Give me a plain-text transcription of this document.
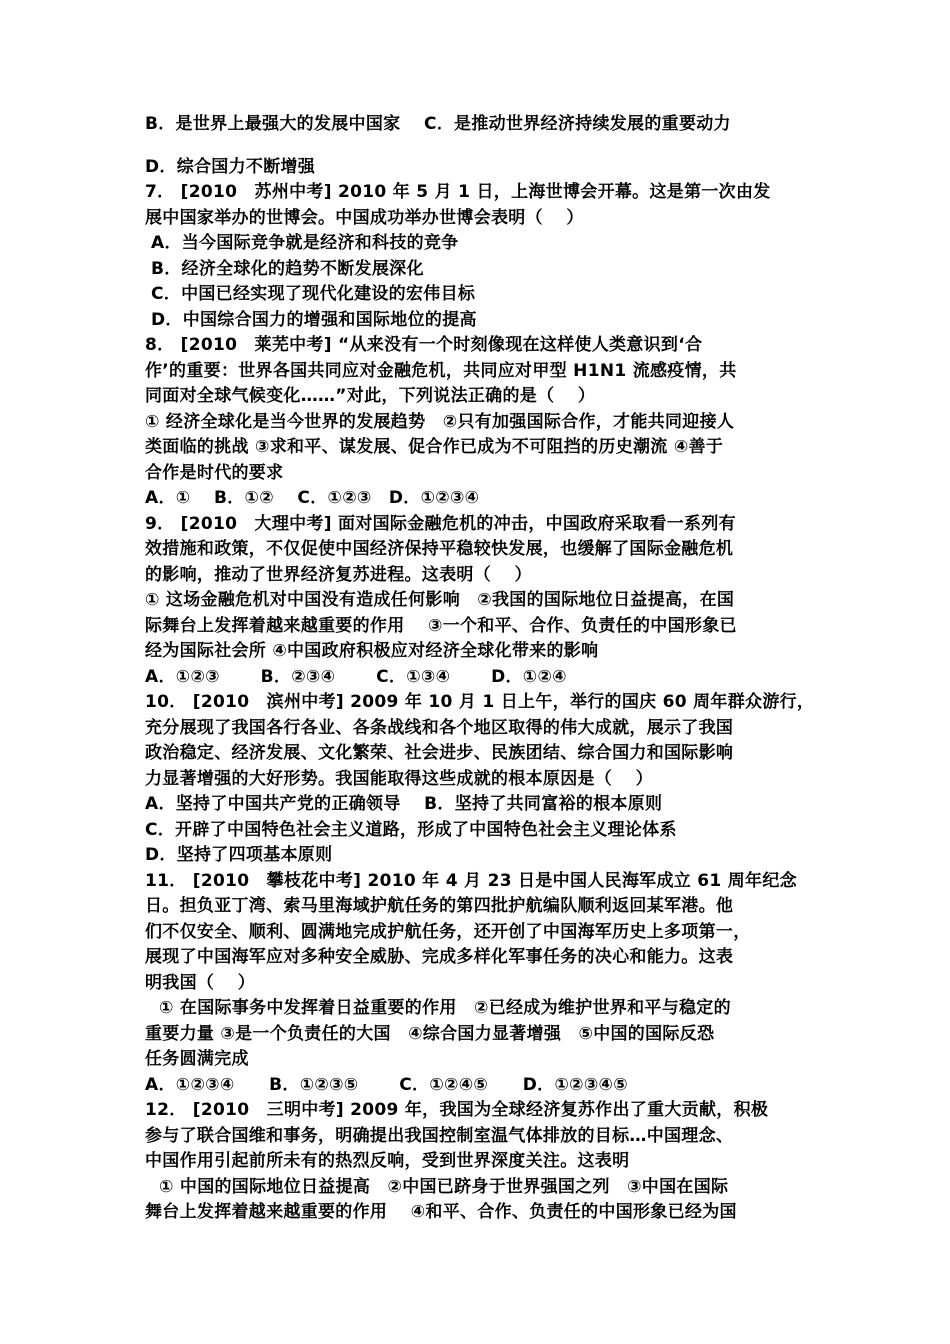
B．是世界上最强大的发展中国家　 C．是推动世界经济持续发展的重要动力
D．综合国力不断增强
7． [2010　苏州中考] 2010 年 5 月 1 日，上海世博会开幕。这是第一次由发
展中国家举办的世博会。中国成功举办世博会表明（　 ）
A．当今国际竞争就是经济和科技的竞争
B．经济全球化的趋势不断发展深化
C．中国已经实现了现代化建设的宏伟目标
D．中国综合国力的增强和国际地位的提高
8． [2010　莱芜中考] “从来没有一个时刻像现在这样使人类意识到‘合
作’的重要：世界各国共同应对金融危机，共同应对甲型 H1N1 流感疫情，共
同面对全球气候变化……”对此，下列说法正确的是（　 ）
① 经济全球化是当今世界的发展趋势　②只有加强国际合作，才能共同迎接人
类面临的挑战 ③求和平、谋发展、促合作已成为不可阻挡的历史潮流 ④善于
合作是时代的要求
A．①　 B．①②　 C．①②③　D．①②③④
9． [2010　大理中考] 面对国际金融危机的冲击，中国政府采取看一系列有
效措施和政策，不仅促使中国经济保持平稳较快发展，也缓解了国际金融危机
的影响，推动了世界经济复苏进程。这表明（　 ）
① 这场金融危机对中国没有造成任何影响　②我国的国际地位日益提高，在国
际舞台上发挥着越来越重要的作用　 ③一个和平、合作、负责任的中国形象已
经为国际社会所 ④中国政府积极应对经济全球化带来的影响
A．①②③　　 B．②③④　　 C．①③④　　 D．①②④
10． [2010　滨州中考] 2009 年 10 月 1 日上午，举行的国庆 60 周年群众游行，
充分展现了我国各行各业、各条战线和各个地区取得的伟大成就，展示了我国
政治稳定、经济发展、文化繁荣、社会进步、民族团结、综合国力和国际影响
力显著增强的大好形势。我国能取得这些成就的根本原因是（　 ）
A．坚持了中国共产党的正确领导　 B．坚持了共同富裕的根本原则
C．开辟了中国特色社会主义道路，形成了中国特色社会主义理论体系
D．坚持了四项基本原则
11． [2010　攀枝花中考] 2010 年 4 月 23 日是中国人民海军成立 61 周年纪念
日。担负亚丁湾、索马里海域护航任务的第四批护航编队顺利返回某军港。他
们不仅安全、顺利、圆满地完成护航任务，还开创了中国海军历史上多项第一，
展现了中国海军应对多种安全威胁、完成多样化军事任务的决心和能力。这表
明我国（　 ）
① 在国际事务中发挥着日益重要的作用　②已经成为维护世界和平与稳定的
重要力量 ③是一个负责任的大国　④综合国力显著增强　⑤中国的国际反恐
任务圆满完成
A．①②③④　　B．①②③⑤　　 C．①②④⑤　　D．①②③④⑤
12． [2010　三明中考] 2009 年，我国为全球经济复苏作出了重大贡献，积极
参与了联合国维和事务，明确提出我国控制室温气体排放的目标…中国理念、
中国作用引起前所未有的热烈反响，受到世界深度关注。这表明
① 中国的国际地位日益提高　②中国已跻身于世界强国之列　③中国在国际
舞台上发挥着越来越重要的作用　 ④和平、合作、负责任的中国形象已经为国
